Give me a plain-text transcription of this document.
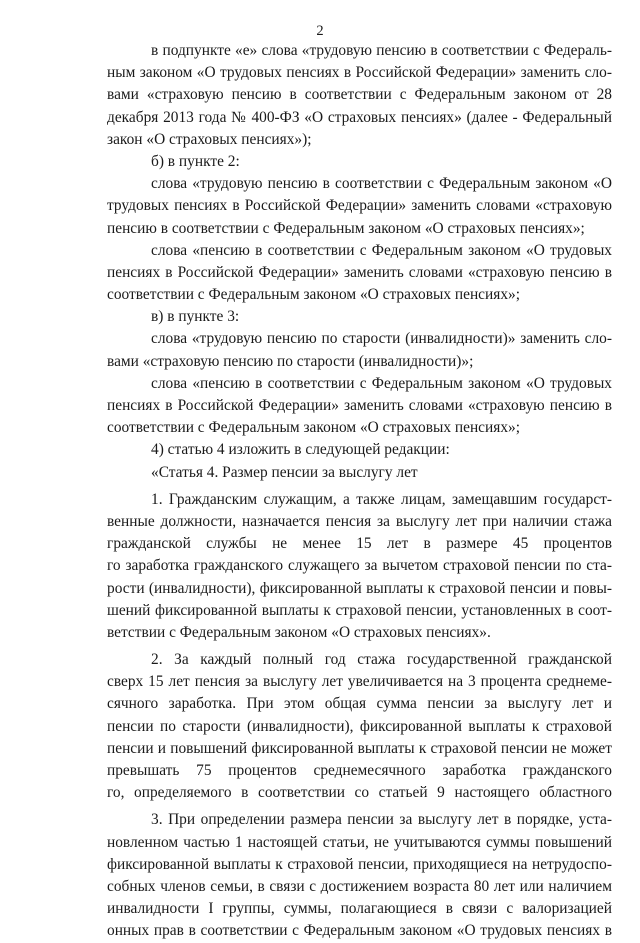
2
в подпункте «е» слова «трудовую пенсию в соответствии с Федераль-
ным законом «О трудовых пенсиях в Российской Федерации» заменить сло-
вами «страховую пенсию в соответствии с Федеральным законом от 28
декабря 2013 года № 400-ФЗ «О страховых пенсиях» (далее - Федеральный
закон «О страховых пенсиях»);
б) в пункте 2:
слова «трудовую пенсию в соответствии с Федеральным законом «О
трудовых пенсиях в Российской Федерации» заменить словами «страховую
пенсию в соответствии с Федеральным законом «О страховых пенсиях»;
слова «пенсию в соответствии с Федеральным законом «О трудовых
пенсиях в Российской Федерации» заменить словами «страховую пенсию в
соответствии с Федеральным законом «О страховых пенсиях»;
в) в пункте 3:
слова «трудовую пенсию по старости (инвалидности)» заменить сло-
вами «страховую пенсию по старости (инвалидности)»;
слова «пенсию в соответствии с Федеральным законом «О трудовых
пенсиях в Российской Федерации» заменить словами «страховую пенсию в
соответствии с Федеральным законом «О страховых пенсиях»;
4) статью 4 изложить в следующей редакции:
«Статья 4. Размер пенсии за выслугу лет
1. Гражданским служащим, а также лицам, замещавшим государст-
венные должности, назначается пенсия за выслугу лет при наличии стажа
гражданской службы не менее 15 лет в размере 45 процентов
го заработка гражданского служащего за вычетом страховой пенсии по ста-
рости (инвалидности), фиксированной выплаты к страховой пенсии и повы-
шений фиксированной выплаты к страховой пенсии, установленных в соот-
ветствии с Федеральным законом «О страховых пенсиях».
2. За каждый полный год стажа государственной гражданской
сверх 15 лет пенсия за выслугу лет увеличивается на 3 процента среднеме-
сячного заработка. При этом общая сумма пенсии за выслугу лет и
пенсии по старости (инвалидности), фиксированной выплаты к страховой
пенсии и повышений фиксированной выплаты к страховой пенсии не может
превышать 75 процентов среднемесячного заработка гражданского
го, определяемого в соответствии со статьей 9 настоящего областного
3. При определении размера пенсии за выслугу лет в порядке, уста-
новленном частью 1 настоящей статьи, не учитываются суммы повышений
фиксированной выплаты к страховой пенсии, приходящиеся на нетрудоспо-
собных членов семьи, в связи с достижением возраста 80 лет или наличием
инвалидности I группы, суммы, полагающиеся в связи с валоризацией
онных прав в соответствии с Федеральным законом «О трудовых пенсиях в
